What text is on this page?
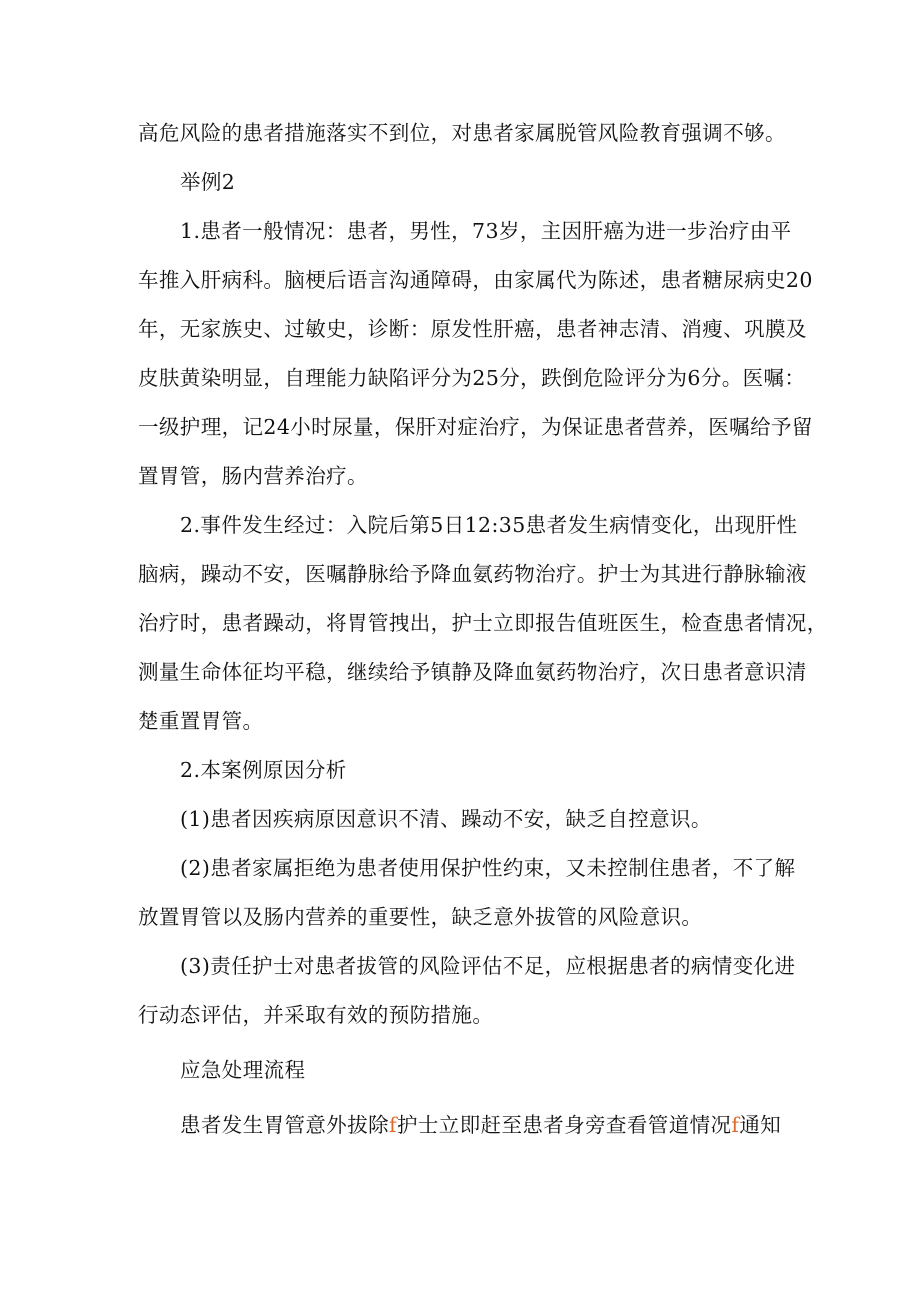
高危风险的患者措施落实不到位，对患者家属脱管风险教育强调不够。
举例2
1.患者一般情况：患者，男性，73岁，主因肝癌为进一步治疗由平
车推入肝病科。脑梗后语言沟通障碍，由家属代为陈述，患者糖尿病史20
年，无家族史、过敏史，诊断：原发性肝癌，患者神志清、消瘦、巩膜及
皮肤黄染明显，自理能力缺陷评分为25分，跌倒危险评分为6分。医嘱：
一级护理，记24小时尿量，保肝对症治疗，为保证患者营养，医嘱给予留
置胃管，肠内营养治疗。
2.事件发生经过：入院后第5日12:35患者发生病情变化，出现肝性
脑病，躁动不安，医嘱静脉给予降血氨药物治疗。护士为其进行静脉输液
治疗时，患者躁动，将胃管拽出，护士立即报告值班医生，检查患者情况，
测量生命体征均平稳，继续给予镇静及降血氨药物治疗，次日患者意识清
楚重置胃管。
2.本案例原因分析
(1)患者因疾病原因意识不清、躁动不安，缺乏自控意识。
(2)患者家属拒绝为患者使用保护性约束，又未控制住患者，不了解
放置胃管以及肠内营养的重要性，缺乏意外拔管的风险意识。
(3)责任护士对患者拔管的风险评估不足，应根据患者的病情变化进
行动态评估，并采取有效的预防措施。
应急处理流程
患者发生胃管意外拔除f护士立即赶至患者身旁查看管道情况f通知
